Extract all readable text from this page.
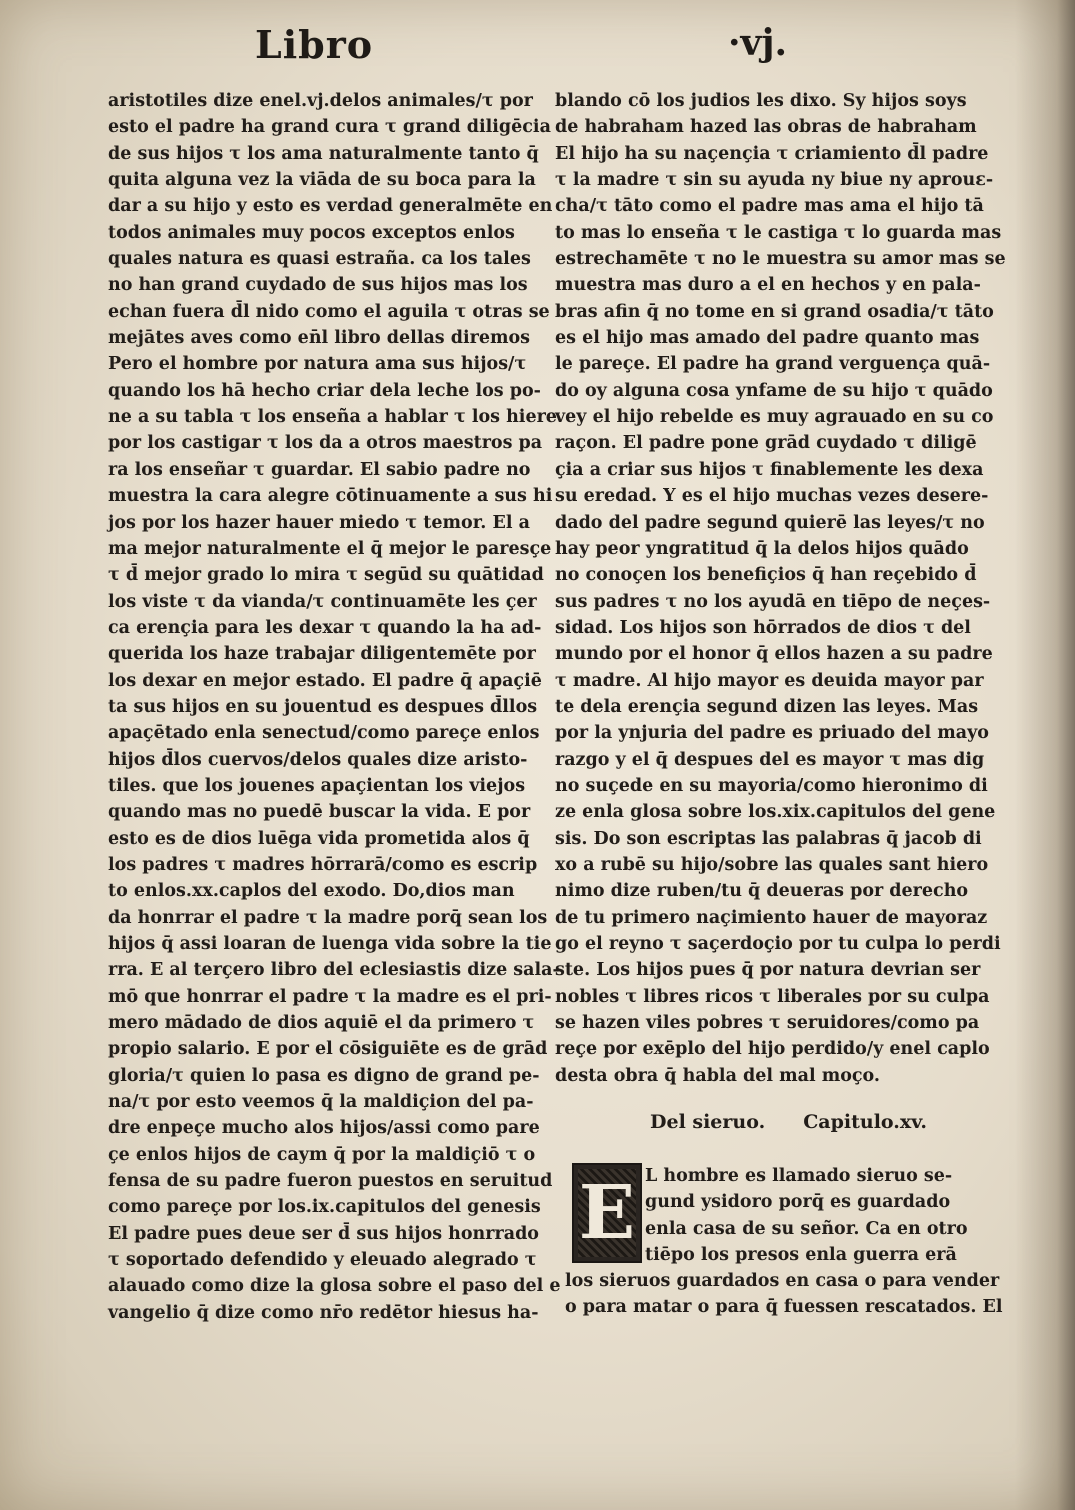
Libro	·vj.
aristotiles dize enel.vj.delos animales/τ por
esto el padre ha grand cura τ grand diligēcia
de sus hijos τ los ama naturalmente tanto q̄
quita alguna vez la viāda de su boca para la
dar a su hijo y esto es verdad generalmēte en
todos animales muy pocos exceptos enlos
quales natura es quasi estraña. ca los tales
no han grand cuydado de sus hijos mas los
echan fuera d̄l nido como el aguila τ otras se
mejātes aves como en̄l libro dellas diremos
Pero el hombre por natura ama sus hijos/τ
quando los hā hecho criar dela leche los po-
ne a su tabla τ los enseña a hablar τ los hiere
por los castigar τ los da a otros maestros pa
ra los enseñar τ guardar. El sabio padre no
muestra la cara alegre cōtinuamente a sus hi
jos por los hazer hauer miedo τ temor. El a
ma mejor naturalmente el q̄ mejor le paresçe
τ d̄ mejor grado lo mira τ segūd su quātidad
los viste τ da vianda/τ continuamēte les çer
ca erençia para les dexar τ quando la ha ad-
querida los haze trabajar diligentemēte por
los dexar en mejor estado. El padre q̄ apaçiē
ta sus hijos en su jouentud es despues d̄llos
apaçētado enla senectud/como pareçe enlos
hijos d̄los cuervos/delos quales dize aristo-
tiles. que los jouenes apaçientan los viejos
quando mas no puedē buscar la vida. E por
esto es de dios luēga vida prometida alos q̄
los padres τ madres hōrrarā/como es escrip
to enlos.xx.caplos del exodo. Do,dios man
da honrrar el padre τ la madre porq̄ sean los
hijos q̄ assi loaran de luenga vida sobre la tie
rra. E al terçero libro del eclesiastis dize sala-
mō que honrrar el padre τ la madre es el pri-
mero mādado de dios aquiē el da primero τ
propio salario. E por el cōsiguiēte es de grād
gloria/τ quien lo pasa es digno de grand pe-
na/τ por esto veemos q̄ la maldiçion del pa-
dre enpeçe mucho alos hijos/assi como pare
çe enlos hijos de caym q̄ por la maldiçiō τ o
fensa de su padre fueron puestos en seruitud
como pareçe por los.ix.capitulos del genesis
El padre pues deue ser d̄ sus hijos honrrado
τ soportado defendido y eleuado alegrado τ
alauado como dize la glosa sobre el paso del e
vangelio q̄ dize como nr̄o redētor hiesus ha-
blando cō los judios les dixo. Sy hijos soys
de habraham hazed las obras de habraham
El hijo ha su naçençia τ criamiento d̄l padre
τ la madre τ sin su ayuda ny biue ny aprouε-
cha/τ tāto como el padre mas ama el hijo tā
to mas lo enseña τ le castiga τ lo guarda mas
estrechamēte τ no le muestra su amor mas se
muestra mas duro a el en hechos y en pala-
bras afin q̄ no tome en si grand osadia/τ tāto
es el hijo mas amado del padre quanto mas
le pareçe. El padre ha grand verguença quā-
do oy alguna cosa ynfame de su hijo τ quādo
vey el hijo rebelde es muy agrauado en su co
raçon. El padre pone grād cuydado τ diligē
çia a criar sus hijos τ finablemente les dexa
su eredad. Y es el hijo muchas vezes desere-
dado del padre segund quierē las leyes/τ no
hay peor yngratitud q̄ la delos hijos quādo
no conoçen los benefiçios q̄ han reçebido d̄
sus padres τ no los ayudā en tiēpo de neçes-
sidad. Los hijos son hōrrados de dios τ del
mundo por el honor q̄ ellos hazen a su padre
τ madre. Al hijo mayor es deuida mayor par
te dela erençia segund dizen las leyes. Mas
por la ynjuria del padre es priuado del mayo
razgo y el q̄ despues del es mayor τ mas dig
no suçede en su mayoria/como hieronimo di
ze enla glosa sobre los.xix.capitulos del gene
sis. Do son escriptas las palabras q̄ jacob di
xo a rubē su hijo/sobre las quales sant hiero
nimo dize ruben/tu q̄ deueras por derecho
de tu primero naçimiento hauer de mayoraz
go el reyno τ saçerdoçio por tu culpa lo perdi
ste. Los hijos pues q̄ por natura devrian ser
nobles τ libres ricos τ liberales por su culpa
se hazen viles pobres τ seruidores/como pa
reçe por exēplo del hijo perdido/y enel caplo
desta obra q̄ habla del mal moço.
Del sieruo. Capitulo.xv.
E L hombre es llamado sieruo se-
gund ysidoro porq̄ es guardado
enla casa de su señor. Ca en otro
tiēpo los presos enla guerra erā
los sieruos guardados en casa o para vender
o para matar o para q̄ fuessen rescatados. El
